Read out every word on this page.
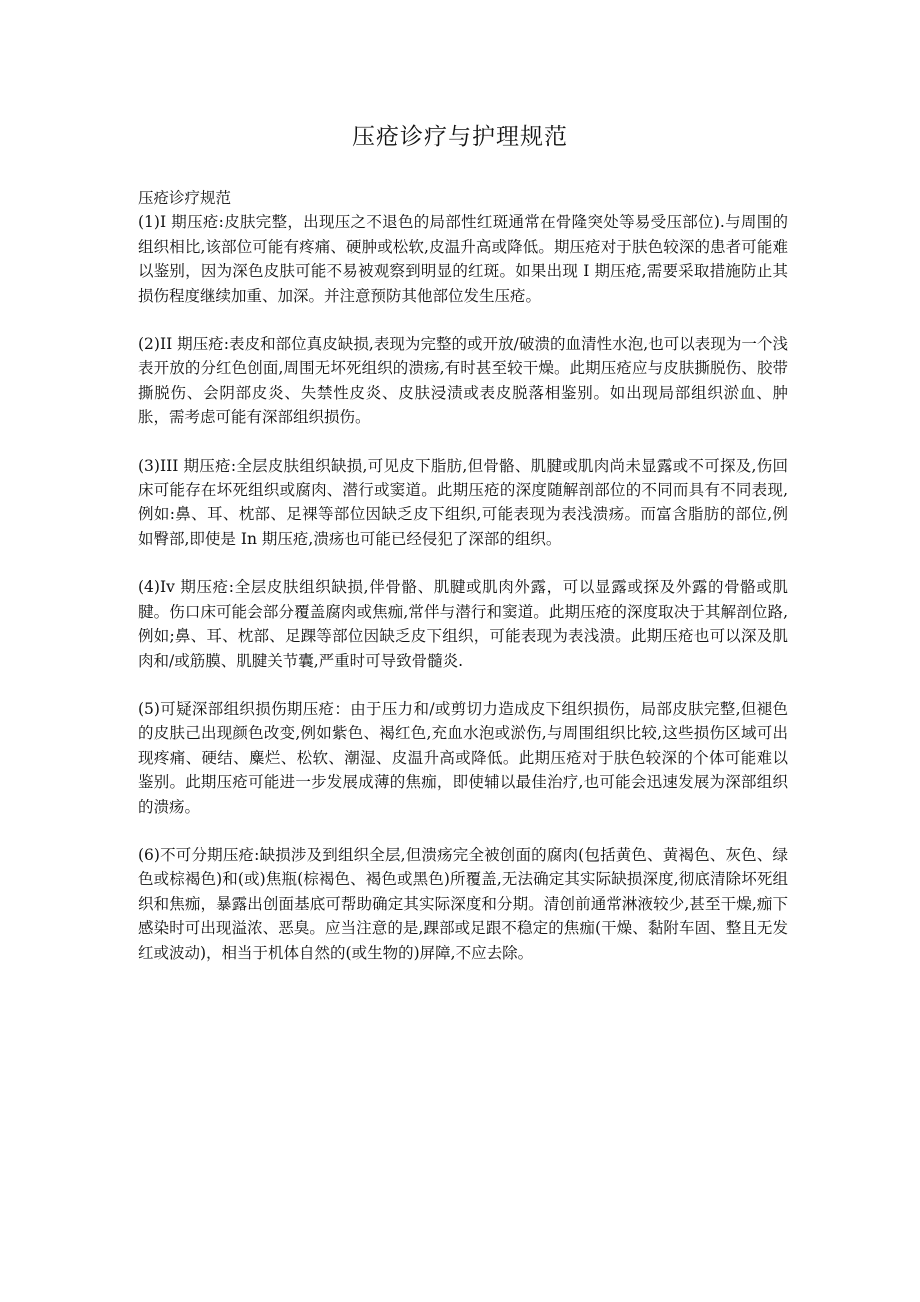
压疮诊疗与护理规范

压疮诊疗规范

(1)I 期压疮:皮肤完整，出现压之不退色的局部性红斑通常在骨隆突处等易受压部位).与周围的组织相比,该部位可能有疼痛、硬肿或松软,皮温升高或降低。期压疮对于肤色较深的患者可能难以鉴别，因为深色皮肤可能不易被观察到明显的红斑。如果出现 I 期压疮,需要采取措施防止其损伤程度继续加重、加深。并注意预防其他部位发生压疮。

(2)II 期压疮:表皮和部位真皮缺损,表现为完整的或开放/破溃的血清性水泡,也可以表现为一个浅表开放的分红色创面,周围无坏死组织的溃疡,有时甚至较干燥。此期压疮应与皮肤撕脱伤、胶带撕脱伤、会阴部皮炎、失禁性皮炎、皮肤浸渍或表皮脱落相鉴别。如出现局部组织淤血、肿胀，需考虑可能有深部组织损伤。

(3)III 期压疮:全层皮肤组织缺损,可见皮下脂肪,但骨骼、肌腱或肌肉尚未显露或不可探及,伤回床可能存在坏死组织或腐肉、潜行或窦道。此期压疮的深度随解剖部位的不同而具有不同表现,例如:鼻、耳、枕部、足裸等部位因缺乏皮下组织,可能表现为表浅溃疡。而富含脂肪的部位,例如臀部,即使是 In 期压疮,溃疡也可能已经侵犯了深部的组织。

(4)Iv 期压疮:全层皮肤组织缺损,伴骨骼、肌腱或肌肉外露，可以显露或探及外露的骨骼或肌腱。伤口床可能会部分覆盖腐肉或焦痂,常伴与潜行和窦道。此期压疮的深度取决于其解剖位路,例如;鼻、耳、枕部、足踝等部位因缺乏皮下组织，可能表现为表浅溃。此期压疮也可以深及肌肉和/或筋膜、肌腱关节囊,严重时可导致骨髓炎.

(5)可疑深部组织损伤期压疮：由于压力和/或剪切力造成皮下组织损伤，局部皮肤完整,但褪色的皮肤己出现颜色改变,例如紫色、褐红色,充血水泡或淤伤,与周围组织比较,这些损伤区域可出现疼痛、硬结、麋烂、松软、潮湿、皮温升高或降低。此期压疮对于肤色较深的个体可能难以鉴别。此期压疮可能进一步发展成薄的焦痂，即使辅以最佳治疗,也可能会迅速发展为深部组织的溃疡。

(6)不可分期压疮:缺损涉及到组织全层,但溃疡完全被创面的腐肉(包括黄色、黄褐色、灰色、绿色或棕褐色)和(或)焦瓶(棕褐色、褐色或黑色)所覆盖,无法确定其实际缺损深度,彻底清除坏死组织和焦痂，暴露出创面基底可帮助确定其实际深度和分期。清创前通常淋液较少,甚至干燥,痂下感染时可出现溢浓、恶臭。应当注意的是,踝部或足跟不稳定的焦痂(干燥、黏附车固、整且无发红或波动)，相当于机体自然的(或生物的)屏障,不应去除。
